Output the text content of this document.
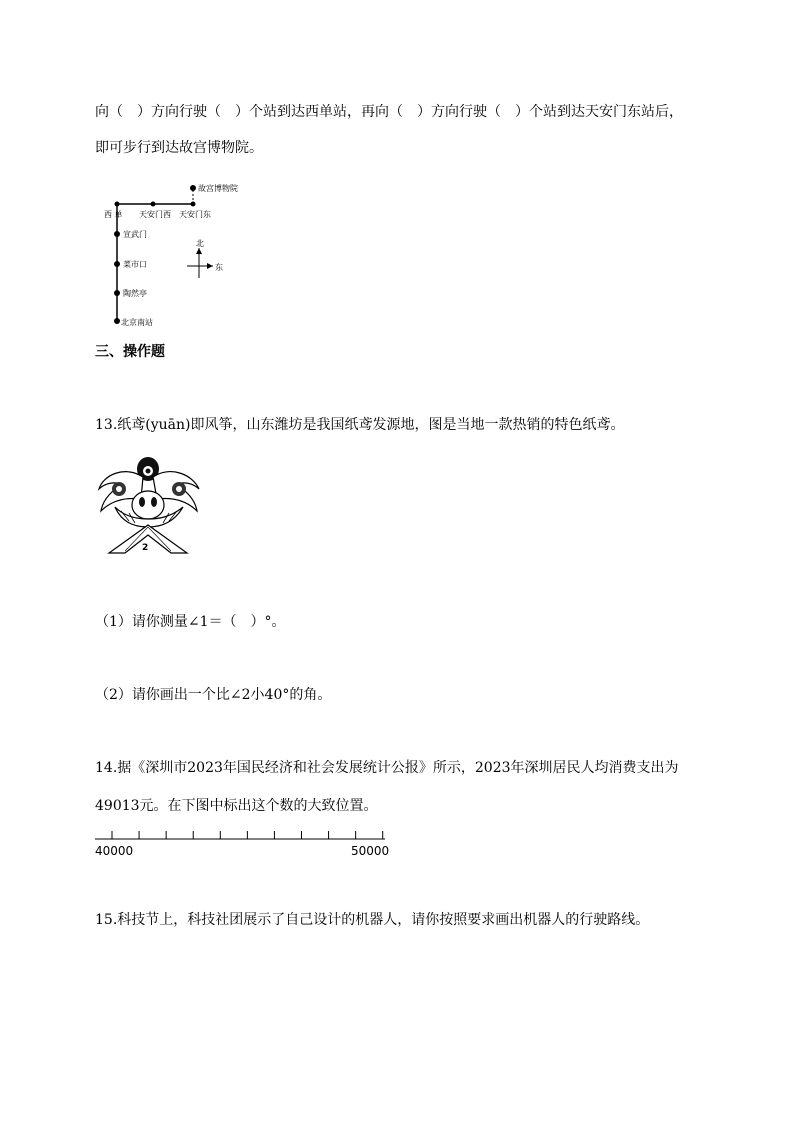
向（　）方向行驶（　）个站到达西单站，再向（　）方向行驶（　）个站到达天安门东站后，
即可步行到达故宫博物院。
故宫博物院
西 单 天安门西 天安门东
宣武门
菜市口
陶然亭
北京南站
北
东
三、操作题
13.纸鸢(yuān)即风筝，山东潍坊是我国纸鸢发源地，图是当地一款热销的特色纸鸢。
2
（1）请你测量∠1＝（　）°。
（2）请你画出一个比∠2小40°的角。
14.据《深圳市2023年国民经济和社会发展统计公报》所示，2023年深圳居民人均消费支出为
49013元。在下图中标出这个数的大致位置。
40000	50000
15.科技节上，科技社团展示了自己设计的机器人，请你按照要求画出机器人的行驶路线。
